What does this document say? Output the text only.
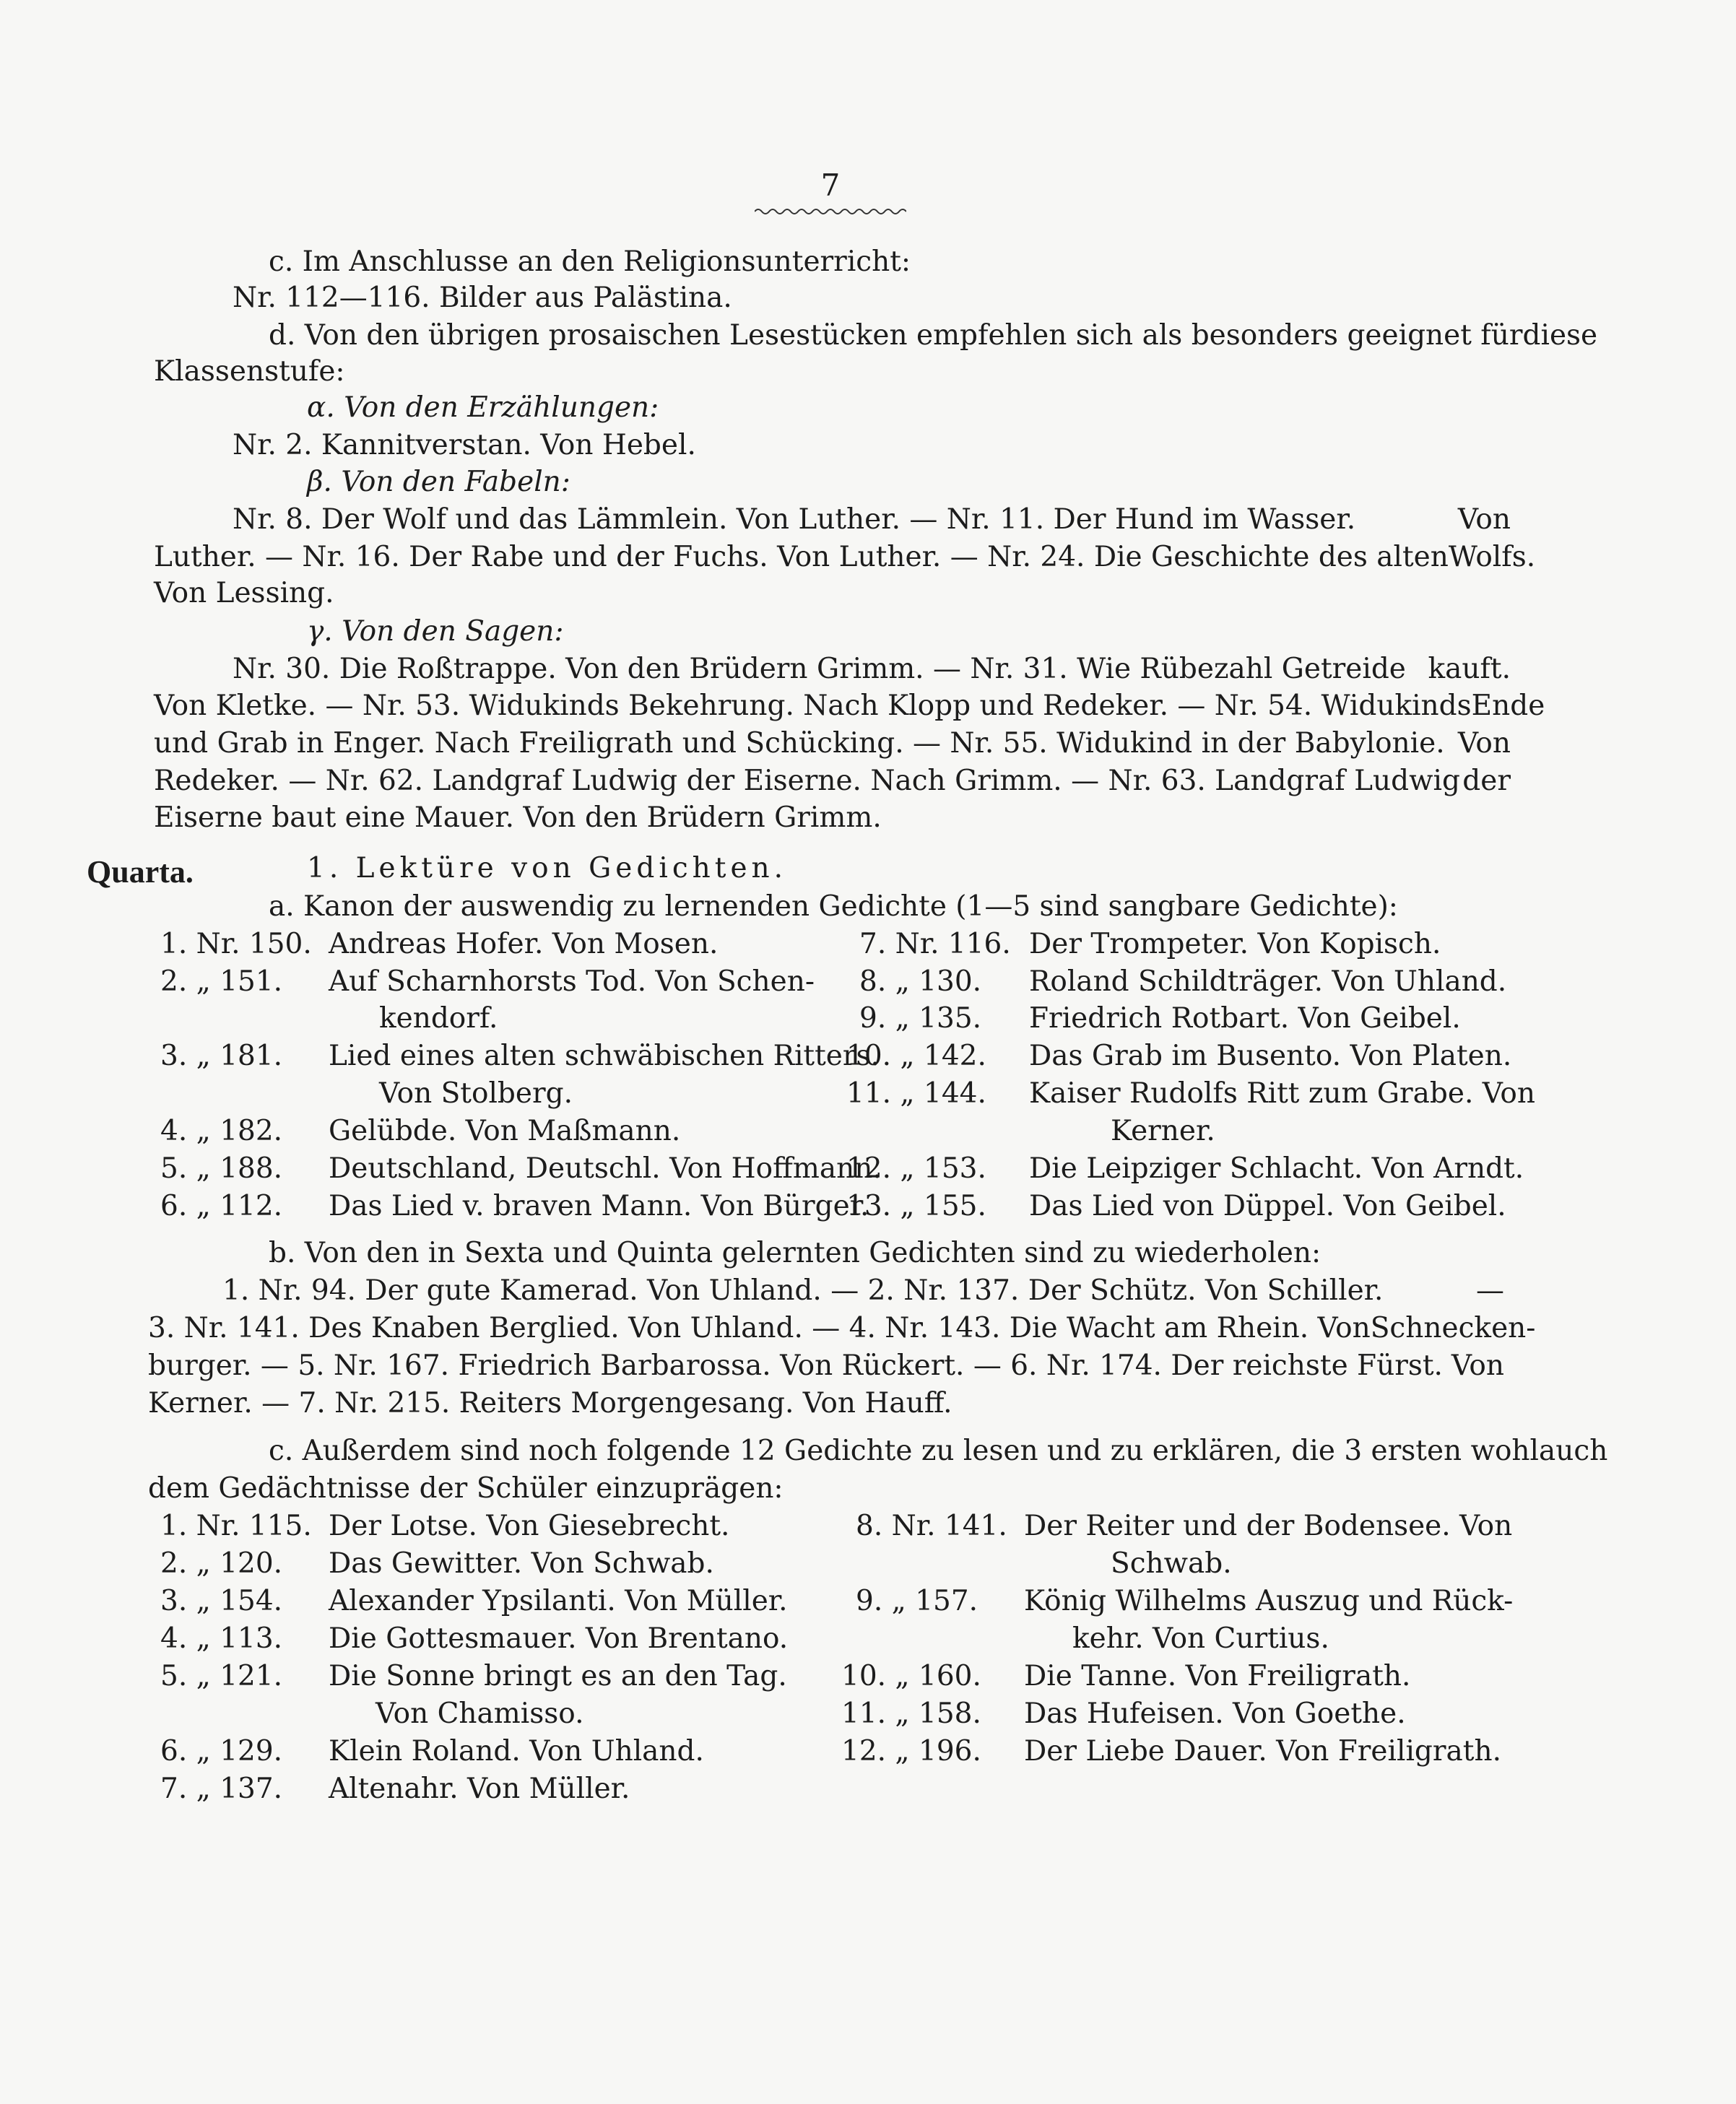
7
c. Im Anschlusse an den Religionsunterricht:
Nr. 112—116. Bilder aus Palästina.
d. Von den übrigen prosaischen Lesestücken empfehlen sich als besonders geeignet für diese
Klassenstufe:
α. Von den Erzählungen:
Nr. 2. Kannitverstan. Von Hebel.
β. Von den Fabeln:
Nr. 8. Der Wolf und das Lämmlein. Von Luther. — Nr. 11. Der Hund im Wasser.	Von
Luther. — Nr. 16. Der Rabe und der Fuchs. Von Luther. — Nr. 24. Die Geschichte des alten Wolfs.
Von Lessing.
γ. Von den Sagen:
Nr. 30. Die Roßtrappe. Von den Brüdern Grimm. — Nr. 31. Wie Rübezahl Getreide kauft.
Von Kletke. — Nr. 53. Widukinds Bekehrung. Nach Klopp und Redeker. — Nr. 54. Widukinds Ende
und Grab in Enger. Nach Freiligrath und Schücking. — Nr. 55. Widukind in der Babylonie. Von
Redeker. — Nr. 62. Landgraf Ludwig der Eiserne. Nach Grimm. — Nr. 63. Landgraf Ludwig der
Eiserne baut eine Mauer. Von den Brüdern Grimm.
Quarta.	1. Lektüre von Gedichten.
a. Kanon der auswendig zu lernenden Gedichte (1—5 sind sangbare Gedichte):
1. Nr. 150. Andreas Hofer. Von Mosen.
2. „ 151. Auf Scharnhorsts Tod. Von Schen-
kendorf.
3. „ 181. Lied eines alten schwäbischen Ritters.
Von Stolberg.
4. „ 182. Gelübde. Von Maßmann.
5. „ 188. Deutschland, Deutschl. Von Hoffmann.
6. „ 112. Das Lied v. braven Mann. Von Bürger.
7. Nr. 116. Der Trompeter. Von Kopisch.
8. „ 130. Roland Schildträger. Von Uhland.
9. „ 135. Friedrich Rotbart. Von Geibel.
10. „ 142. Das Grab im Busento. Von Platen.
11. „ 144. Kaiser Rudolfs Ritt zum Grabe. Von
Kerner.
12. „ 153. Die Leipziger Schlacht. Von Arndt.
13. „ 155. Das Lied von Düppel. Von Geibel.
b. Von den in Sexta und Quinta gelernten Gedichten sind zu wiederholen:
1. Nr. 94. Der gute Kamerad. Von Uhland. — 2. Nr. 137. Der Schütz. Von Schiller.	—
3. Nr. 141. Des Knaben Berglied. Von Uhland. — 4. Nr. 143. Die Wacht am Rhein. Von Schnecken-
burger. — 5. Nr. 167. Friedrich Barbarossa. Von Rückert. — 6. Nr. 174. Der reichste Fürst. Von
Kerner. — 7. Nr. 215. Reiters Morgengesang. Von Hauff.
c. Außerdem sind noch folgende 12 Gedichte zu lesen und zu erklären, die 3 ersten wohl auch
dem Gedächtnisse der Schüler einzuprägen:
1. Nr. 115. Der Lotse. Von Giesebrecht.
2. „ 120. Das Gewitter. Von Schwab.
3. „ 154. Alexander Ypsilanti. Von Müller.
4. „ 113. Die Gottesmauer. Von Brentano.
5. „ 121. Die Sonne bringt es an den Tag.
Von Chamisso.
6. „ 129. Klein Roland. Von Uhland.
7. „ 137. Altenahr. Von Müller.
8. Nr. 141. Der Reiter und der Bodensee. Von
Schwab.
9. „ 157. König Wilhelms Auszug und Rück-
kehr. Von Curtius.
10. „ 160. Die Tanne. Von Freiligrath.
11. „ 158. Das Hufeisen. Von Goethe.
12. „ 196. Der Liebe Dauer. Von Freiligrath.
